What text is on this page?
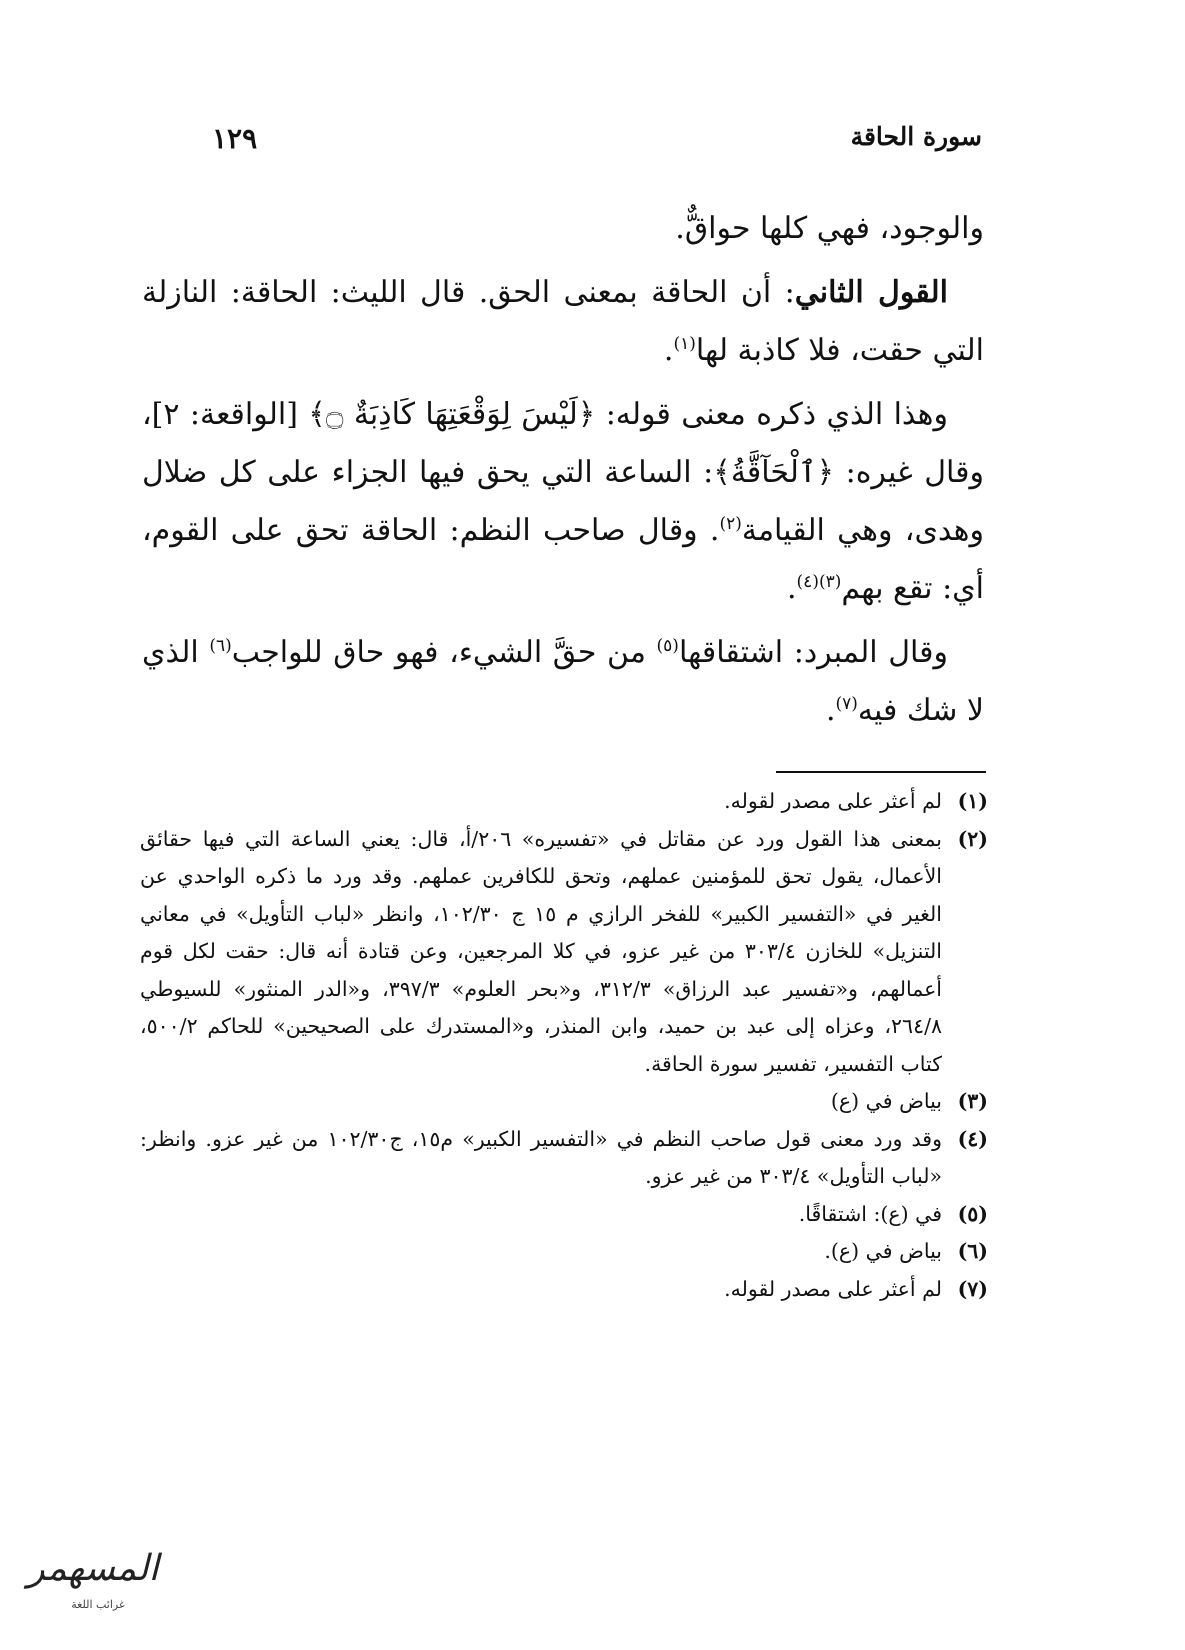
سورة الحاقة
١٢٩

والوجود، فهي كلها حواقٌّ.

القول الثاني: أن الحاقة بمعنى الحق. قال الليث: الحاقة: النازلة التي حقت، فلا كاذبة لها$^{(١)}$.

وهذا الذي ذكره معنى قوله: ﴿لَيْسَ لِوَقْعَتِهَا كَاذِبَةٌ ۝﴾ [الواقعة: ٢]، وقال غيره: ﴿ٱلْحَآقَّةُ﴾: الساعة التي يحق فيها الجزاء على كل ضلال وهدى، وهي القيامة$^{(٢)}$. وقال صاحب النظم: الحاقة تحق على القوم، أي: تقع بهم$^{(٣)(٤)}$.

وقال المبرد: اشتقاقها$^{(٥)}$ من حقَّ الشيء، فهو حاق للواجب$^{(٦)}$ الذي لا شك فيه$^{(٧)}$.

(١)
لم أعثر على مصدر لقوله.
(٢)
بمعنى هذا القول ورد عن مقاتل في «تفسيره» ٢٠٦/أ، قال: يعني الساعة التي فيها حقائق الأعمال، يقول تحق للمؤمنين عملهم، وتحق للكافرين عملهم. وقد ورد ما ذكره الواحدي عن الغير في «التفسير الكبير» للفخر الرازي م ١٥ ج ١٠٢/٣٠، وانظر «لباب التأويل» في معاني التنزيل» للخازن ٣٠٣/٤ من غير عزو، في كلا المرجعين، وعن قتادة أنه قال: حقت لكل قوم أعمالهم، و«تفسير عبد الرزاق» ٣١٢/٣، و«بحر العلوم» ٣٩٧/٣، و«الدر المنثور» للسيوطي ٢٦٤/٨، وعزاه إلى عبد بن حميد، وابن المنذر، و«المستدرك على الصحيحين» للحاكم ٥٠٠/٢، كتاب التفسير، تفسير سورة الحاقة.
(٣)
بياض في (ع)
(٤)
وقد ورد معنى قول صاحب النظم في «التفسير الكبير» م١٥، ج١٠٢/٣٠ من غير عزو. وانظر: «لباب التأويل» ٣٠٣/٤ من غير عزو.
(٥)
في (ع): اشتقاقًا.
(٦)
بياض في (ع).
(٧)
لم أعثر على مصدر لقوله.
المسهمر
غرائب اللغة
